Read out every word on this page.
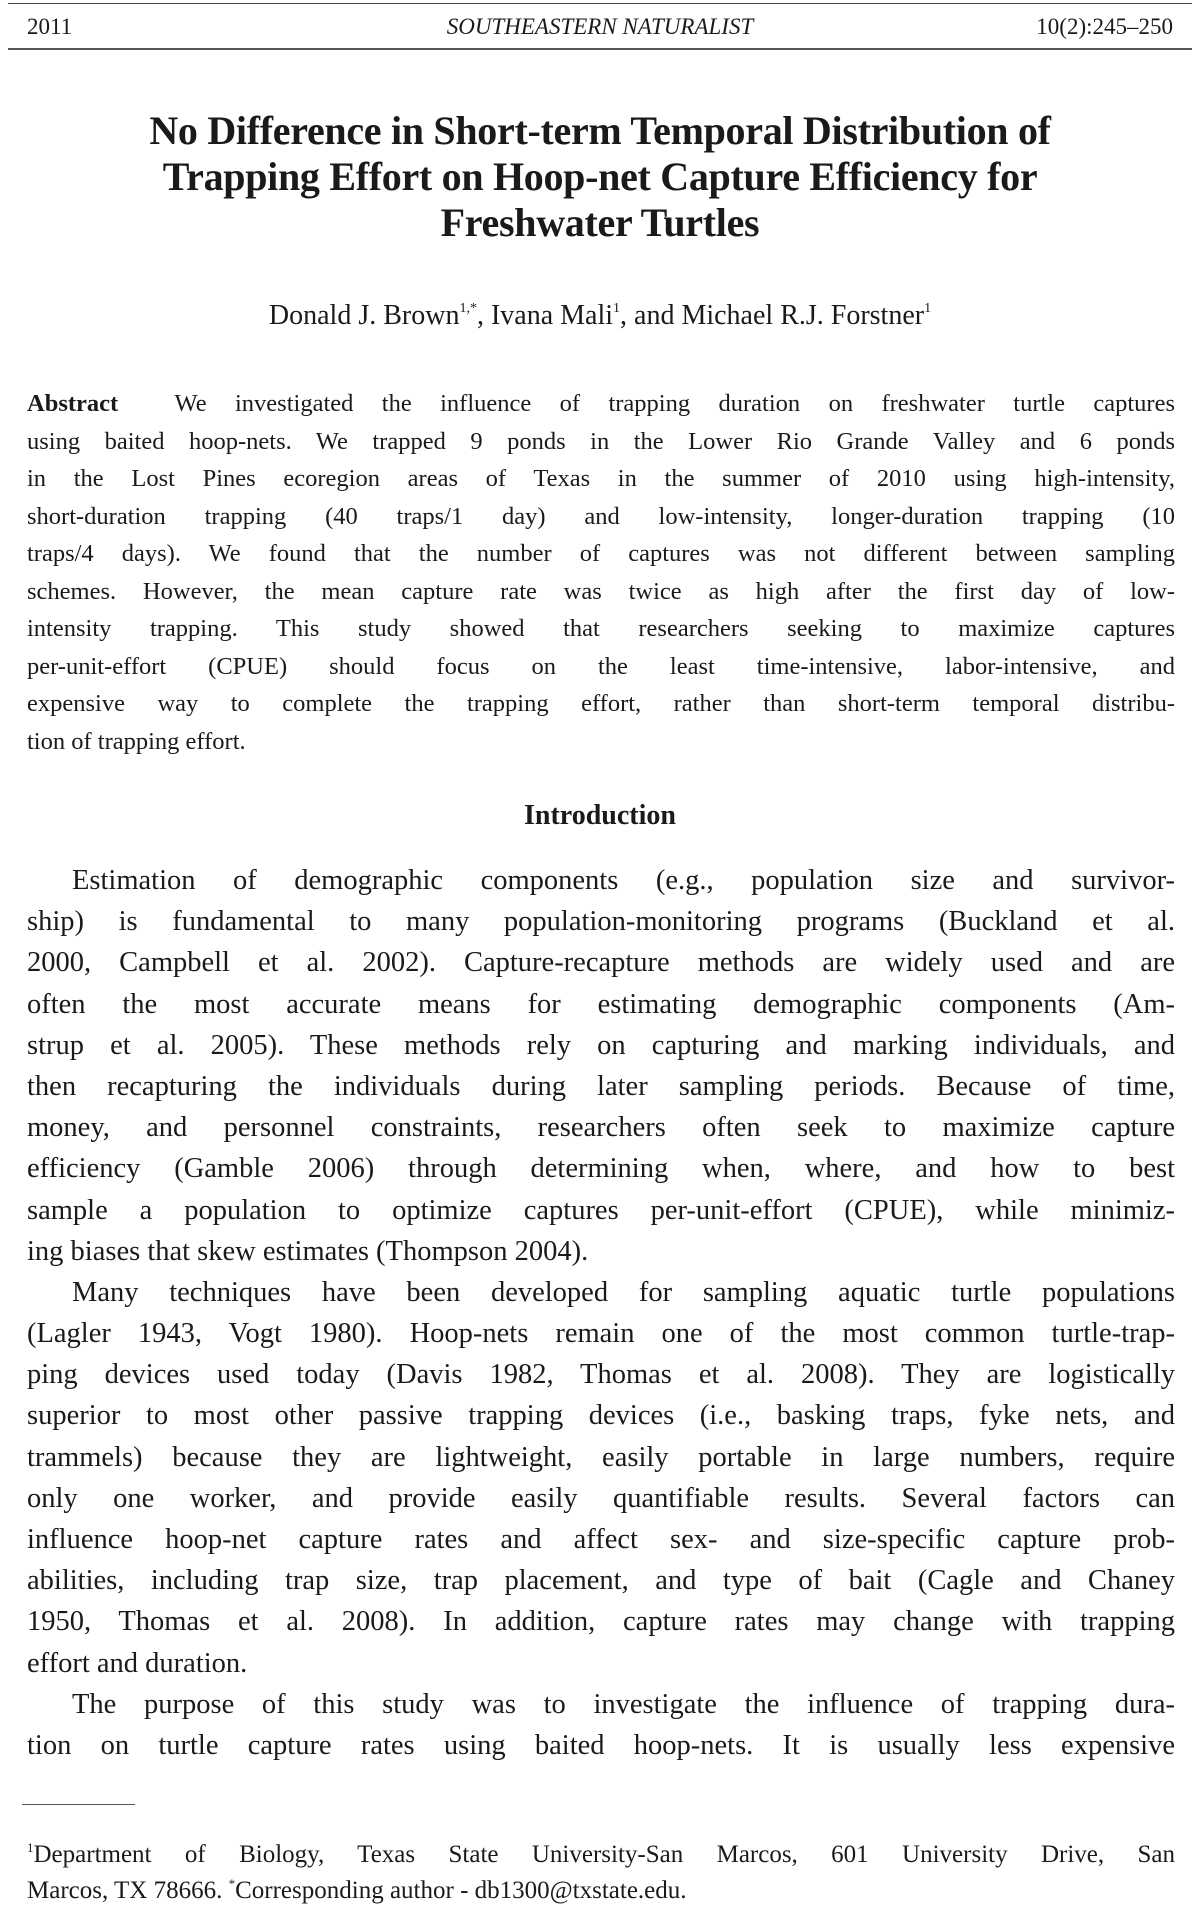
2011	SOUTHEASTERN NATURALIST	10(2):245–250
No Difference in Short-term Temporal Distribution of
Trapping Effort on Hoop-net Capture Efficiency for
Freshwater Turtles
Donald J. Brown$^{1,*}$, Ivana Mali$^1$, and Michael R.J. Forstner$^1$
Abstract We investigated the influence of trapping duration on freshwater turtle captures
using baited hoop-nets. We trapped 9 ponds in the Lower Rio Grande Valley and 6 ponds
in the Lost Pines ecoregion areas of Texas in the summer of 2010 using high-intensity,
short-duration trapping (40 traps/1 day) and low-intensity, longer-duration trapping (10
traps/4 days). We found that the number of captures was not different between sampling
schemes. However, the mean capture rate was twice as high after the first day of low-
intensity trapping. This study showed that researchers seeking to maximize captures
per-unit-effort (CPUE) should focus on the least time-intensive, labor-intensive, and
expensive way to complete the trapping effort, rather than short-term temporal distribu-
tion of trapping effort.
Introduction
Estimation of demographic components (e.g., population size and survivor-
ship) is fundamental to many population-monitoring programs (Buckland et al.
2000, Campbell et al. 2002). Capture-recapture methods are widely used and are
often the most accurate means for estimating demographic components (Am-
strup et al. 2005). These methods rely on capturing and marking individuals, and
then recapturing the individuals during later sampling periods. Because of time,
money, and personnel constraints, researchers often seek to maximize capture
efficiency (Gamble 2006) through determining when, where, and how to best
sample a population to optimize captures per-unit-effort (CPUE), while minimiz-
ing biases that skew estimates (Thompson 2004).
Many techniques have been developed for sampling aquatic turtle populations
(Lagler 1943, Vogt 1980). Hoop-nets remain one of the most common turtle-trap-
ping devices used today (Davis 1982, Thomas et al. 2008). They are logistically
superior to most other passive trapping devices (i.e., basking traps, fyke nets, and
trammels) because they are lightweight, easily portable in large numbers, require
only one worker, and provide easily quantifiable results. Several factors can
influence hoop-net capture rates and affect sex- and size-specific capture prob-
abilities, including trap size, trap placement, and type of bait (Cagle and Chaney
1950, Thomas et al. 2008). In addition, capture rates may change with trapping
effort and duration.
The purpose of this study was to investigate the influence of trapping dura-
tion on turtle capture rates using baited hoop-nets. It is usually less expensive
$^1$Department of Biology, Texas State University-San Marcos, 601 University Drive, San
Marcos, TX 78666. *Corresponding author - db1300@txstate.edu.
